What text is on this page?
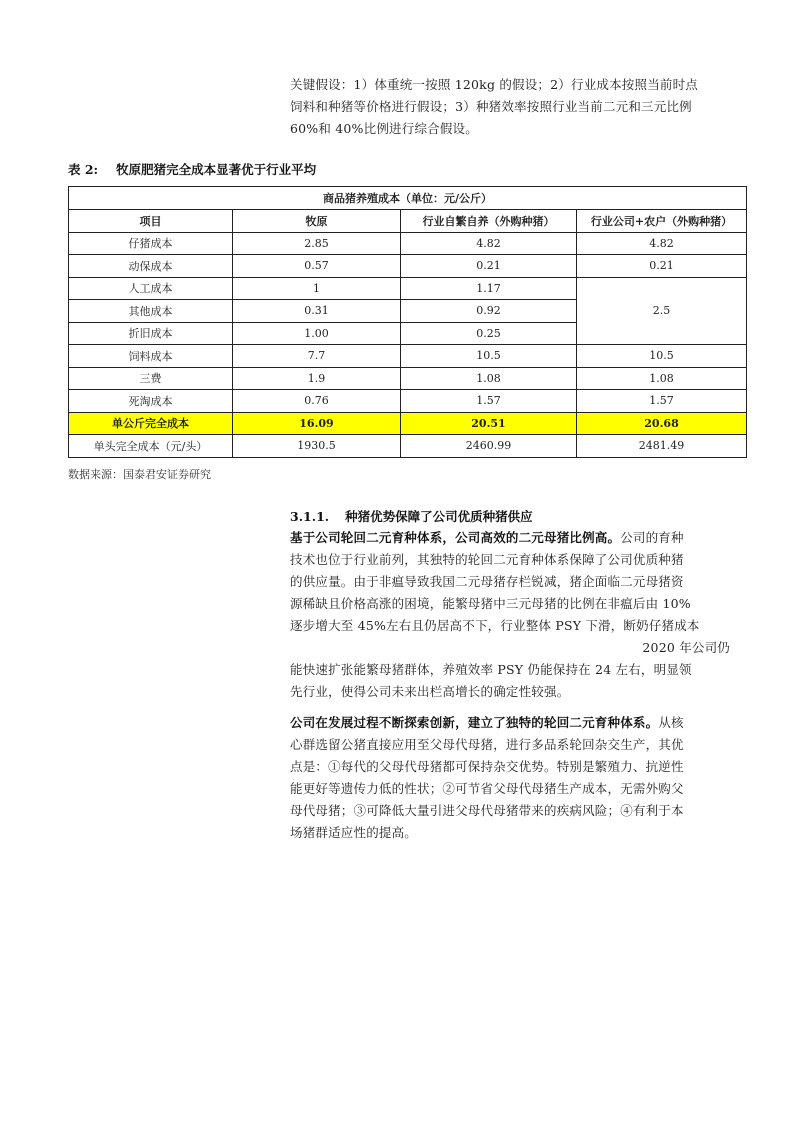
关键假设：1）体重统一按照 120kg 的假设；2）行业成本按照当前时点
饲料和种猪等价格进行假设；3）种猪效率按照行业当前二元和三元比例
60%和 40%比例进行综合假设。
表 2: 牧原肥猪完全成本显著优于行业平均
商品猪养殖成本（单位：元/公斤）			
项目	牧原	行业自繁自养（外购种猪）	行业公司+农户（外购种猪）
仔猪成本	2.85	4.82	4.82
动保成本	0.57	0.21	0.21
人工成本	1	1.17	2.5
其他成本	0.31	0.92	
折旧成本	1.00	0.25	
饲料成本	7.7	10.5	10.5
三费	1.9	1.08	1.08
死淘成本	0.76	1.57	1.57
单公斤完全成本	16.09	20.51	20.68
单头完全成本（元/头）	1930.5	2460.99	2481.49
数据来源：国泰君安证券研究
3.1.1. 种猪优势保障了公司优质种猪供应
基于公司轮回二元育种体系，公司高效的二元母猪比例高。公司的育种
技术也位于行业前列，其独特的轮回二元育种体系保障了公司优质种猪
的供应量。由于非瘟导致我国二元母猪存栏锐减，猪企面临二元母猪资
源稀缺且价格高涨的困境，能繁母猪中三元母猪的比例在非瘟后由 10%
逐步增大至 45%左右且仍居高不下，行业整体 PSY 下滑，断奶仔猪成本
2020 年公司仍
能快速扩张能繁母猪群体，养殖效率 PSY 仍能保持在 24 左右，明显领
先行业，使得公司未来出栏高增长的确定性较强。
公司在发展过程不断探索创新，建立了独特的轮回二元育种体系。从核
心群选留公猪直接应用至父母代母猪，进行多品系轮回杂交生产，其优
点是：①每代的父母代母猪都可保持杂交优势。特别是繁殖力、抗逆性
能更好等遗传力低的性状；②可节省父母代母猪生产成本，无需外购父
母代母猪；③可降低大量引进父母代母猪带来的疾病风险；④有利于本
场猪群适应性的提高。
